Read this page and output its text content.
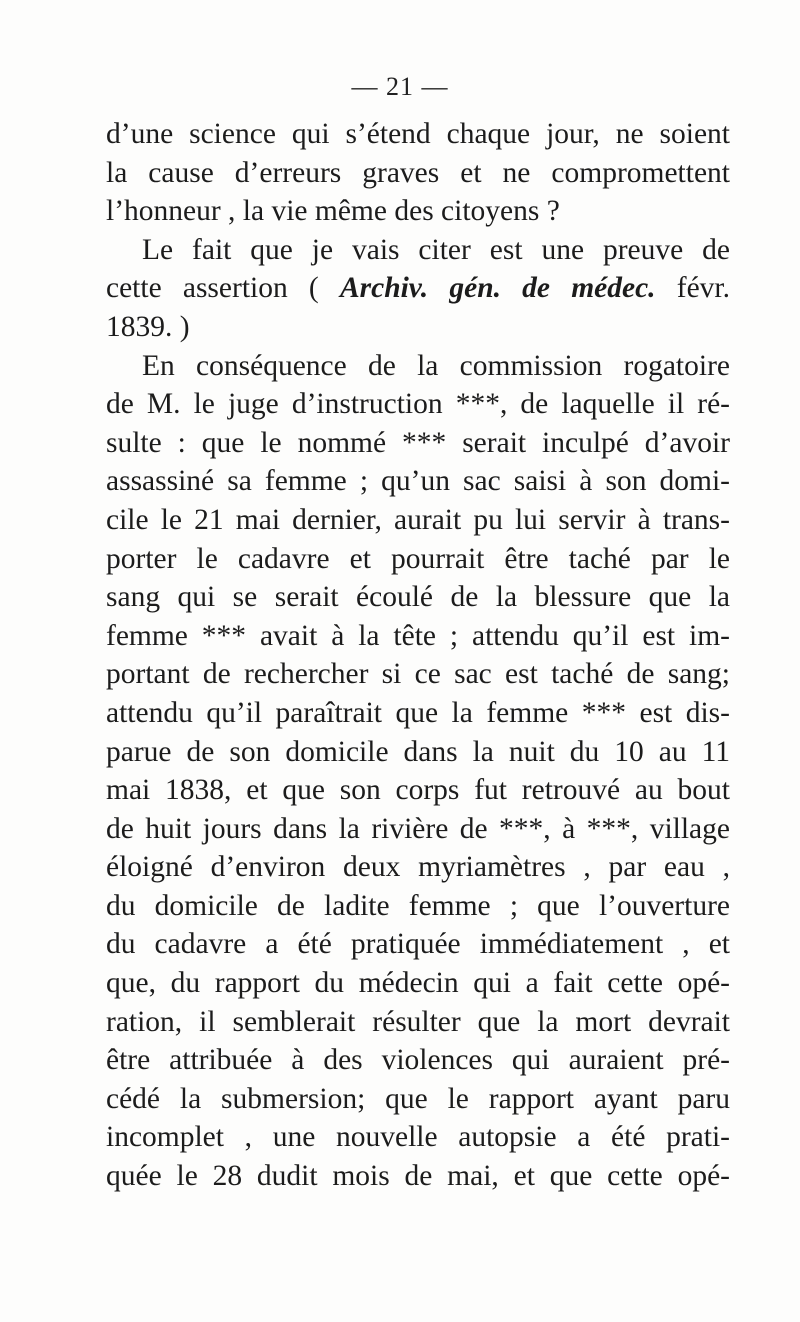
— 21 —
d’une science qui s’étend chaque jour, ne soient
la cause d’erreurs graves et ne compromettent
l’honneur , la vie même des citoyens ?
Le fait que je vais citer est une preuve de
cette assertion ( Archiv. gén. de médec. févr.
1839. )
En conséquence de la commission rogatoire
de M. le juge d’instruction ***, de laquelle il ré-
sulte : que le nommé *** serait inculpé d’avoir
assassiné sa femme ; qu’un sac saisi à son domi-
cile le 21 mai dernier, aurait pu lui servir à trans-
porter le cadavre et pourrait être taché par le
sang qui se serait écoulé de la blessure que la
femme *** avait à la tête ; attendu qu’il est im-
portant de rechercher si ce sac est taché de sang;
attendu qu’il paraîtrait que la femme *** est dis-
parue de son domicile dans la nuit du 10 au 11
mai 1838, et que son corps fut retrouvé au bout
de huit jours dans la rivière de ***, à ***, village
éloigné d’environ deux myriamètres , par eau ,
du domicile de ladite femme ; que l’ouverture
du cadavre a été pratiquée immédiatement , et
que, du rapport du médecin qui a fait cette opé-
ration, il semblerait résulter que la mort devrait
être attribuée à des violences qui auraient pré-
cédé la submersion; que le rapport ayant paru
incomplet , une nouvelle autopsie a été prati-
quée le 28 dudit mois de mai, et que cette opé-
